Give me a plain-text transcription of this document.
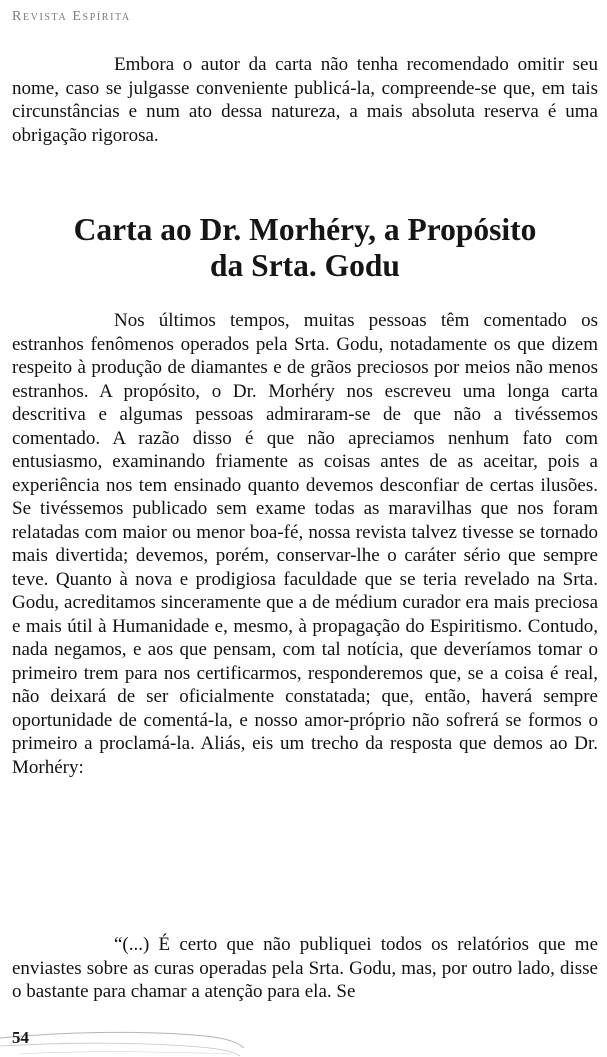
Revista Espírita

Embora o autor da carta não tenha recomendado omitir seu nome, caso se julgasse conveniente publicá-la, compreende-se que, em tais circunstâncias e num ato dessa natureza, a mais absoluta reserva é uma obrigação rigorosa.

Carta ao Dr. Morhéry, a Propósito
da Srta. Godu

Nos últimos tempos, muitas pessoas têm comentado os estranhos fenômenos operados pela Srta. Godu, notadamente os que dizem respeito à produção de diamantes e de grãos preciosos por meios não menos estranhos. A propósito, o Dr. Morhéry nos escreveu uma longa carta descritiva e algumas pessoas admiraram-se de que não a tivéssemos comentado. A razão disso é que não apreciamos nenhum fato com entusiasmo, examinando friamente as coisas antes de as aceitar, pois a experiência nos tem ensinado quanto devemos desconfiar de certas ilusões. Se tivéssemos publicado sem exame todas as maravilhas que nos foram relatadas com maior ou menor boa-fé, nossa revista talvez tivesse se tornado mais divertida; devemos, porém, conservar-lhe o caráter sério que sempre teve. Quanto à nova e prodigiosa faculdade que se teria revelado na Srta. Godu, acreditamos sinceramente que a de médium curador era mais preciosa e mais útil à Humanidade e, mesmo, à propagação do Espiritismo. Contudo, nada negamos, e aos que pensam, com tal notícia, que deveríamos tomar o primeiro trem para nos certificarmos, responderemos que, se a coisa é real, não deixará de ser oficialmente constatada; que, então, haverá sempre oportunidade de comentá-la, e nosso amor-próprio não sofrerá se formos o primeiro a proclamá-la. Aliás, eis um trecho da resposta que demos ao Dr. Morhéry:

“(...) É certo que não publiquei todos os relatórios que me enviastes sobre as curas operadas pela Srta. Godu, mas, por outro lado, disse o bastante para chamar a atenção para ela. Se

54
